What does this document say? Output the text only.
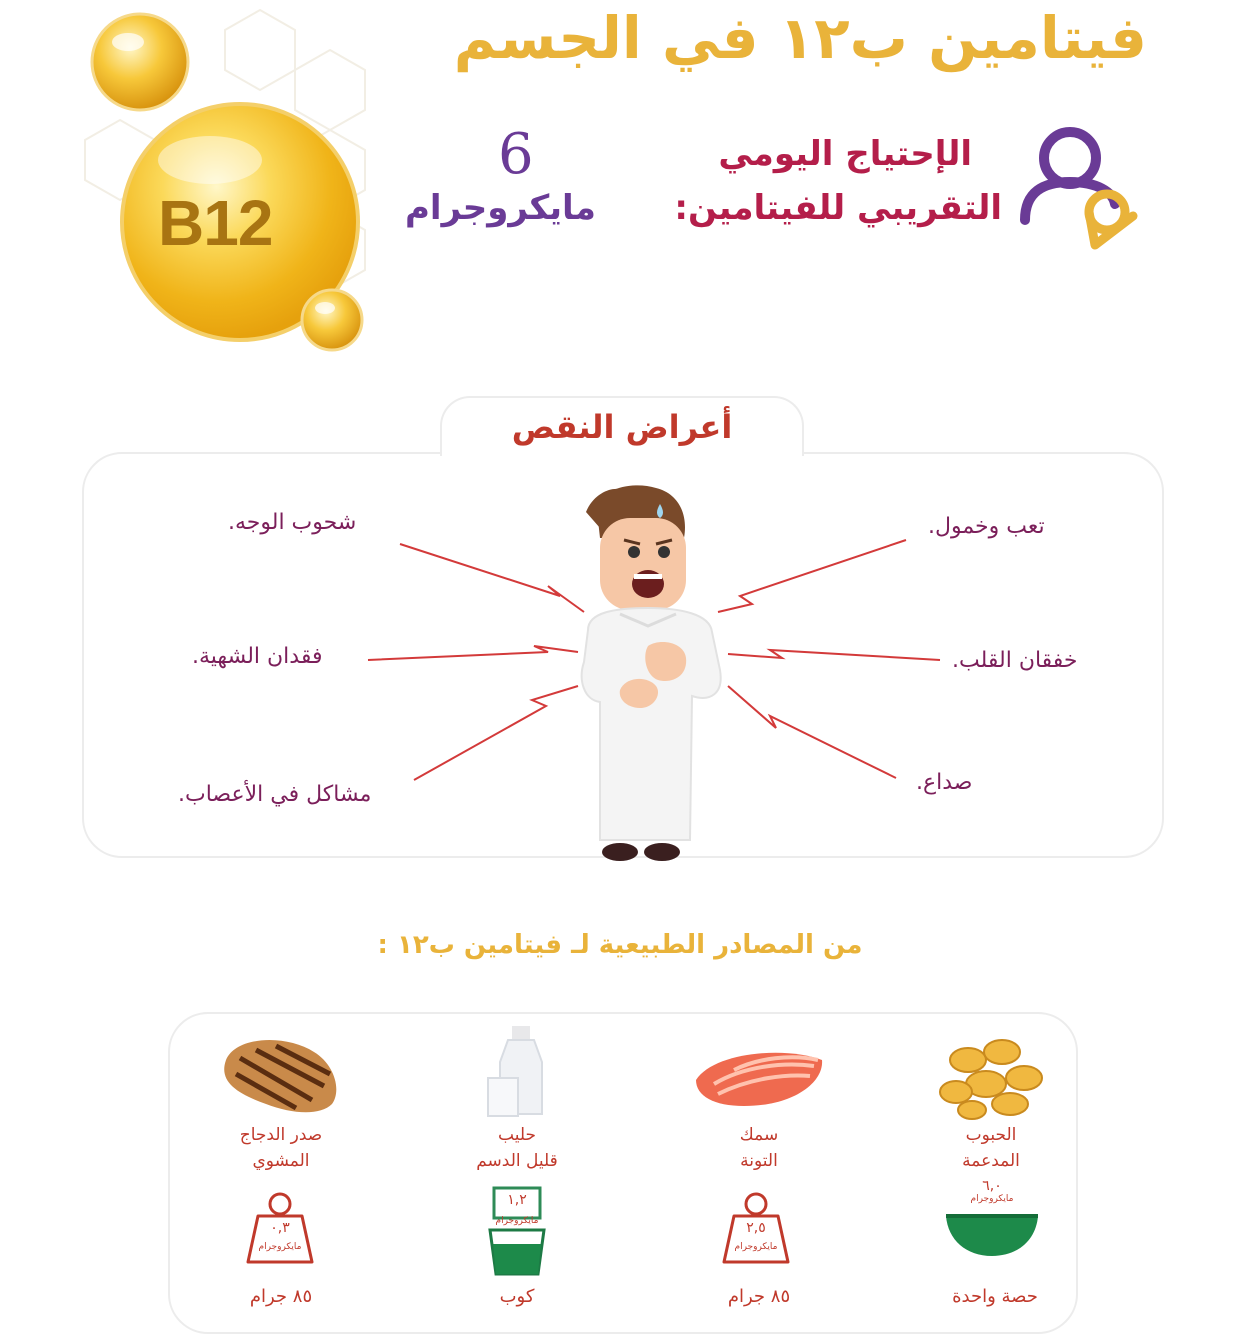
B12
فيتامين ب١٢ في الجسم
الإحتياج اليومي
التقريبي للفيتامين:
6
مايكروجرام
أعراض النقص
شحوب الوجه.
فقدان الشهية.
مشاكل في الأعصاب.
تعب وخمول.
خفقان القلب.
صداع.
من المصادر الطبيعية لـ فيتامين ب١٢ :
صدر الدجاج
المشوي
٠,٣
مايكروجرام
٨٥ جرام
حليب
قليل الدسم
١,٢
مايكروجرام
كوب
سمك
التونة
٢,٥
مايكروجرام
٨٥ جرام
الحبوب
المدعمة
٦,٠
مايكروجرام
حصة واحدة
